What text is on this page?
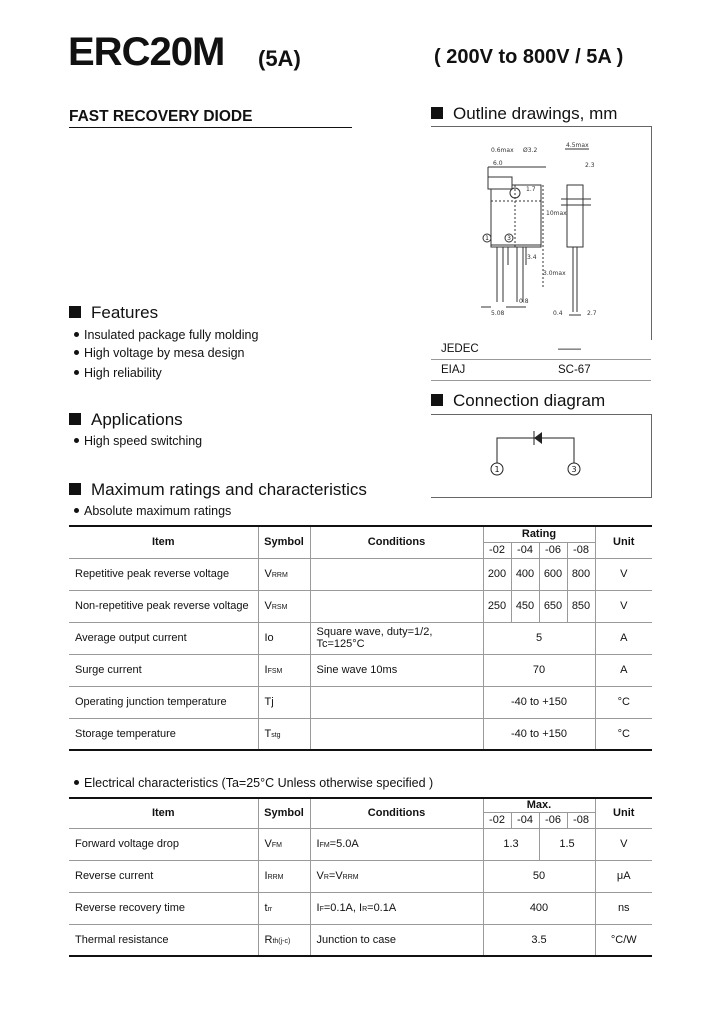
ERC20M (5A)	( 200V to 800V / 5A )
FAST RECOVERY DIODE	Outline drawings, mm
0.6max Ø3.2
4.5max
6.0	2.3
1.7
10max
3.4
3.0max
0.8
5.08	0.4	2.7
1	3
JEDEC	——
EIAJ	SC-67
Features
Insulated package fully molding
High voltage by mesa design
High reliability
Applications
High speed switching
Connection diagram
1	3
Maximum ratings and characteristics
Absolute maximum ratings
Item	Symbol	Conditions	Rating				Unit
			-02	-04	-06	-08	
Repetitive peak reverse voltage	VRRM		200	400	600	800	V
Non-repetitive peak reverse voltage	VRSM		250	450	650	850	V
Average output current	Io	Square wave, duty=1/2, Tc=125°C	5				A
Surge current	IFSM	Sine wave 10ms	70				A
Operating junction temperature	Tj		-40 to +150				°C
Storage temperature	Tstg		-40 to +150				°C
Electrical characteristics (Ta=25°C Unless otherwise specified )
Item	Symbol	Conditions	Max.				Unit
			-02	-04	-06	-08	
Forward voltage drop	VFM	IFM=5.0A	1.3		1.5		V
Reverse current	IRRM	VR=VRRM	50				μA
Reverse recovery time	trr	IF=0.1A, IR=0.1A	400				ns
Thermal resistance	Rth(j-c)	Junction to case	3.5				°C/W
